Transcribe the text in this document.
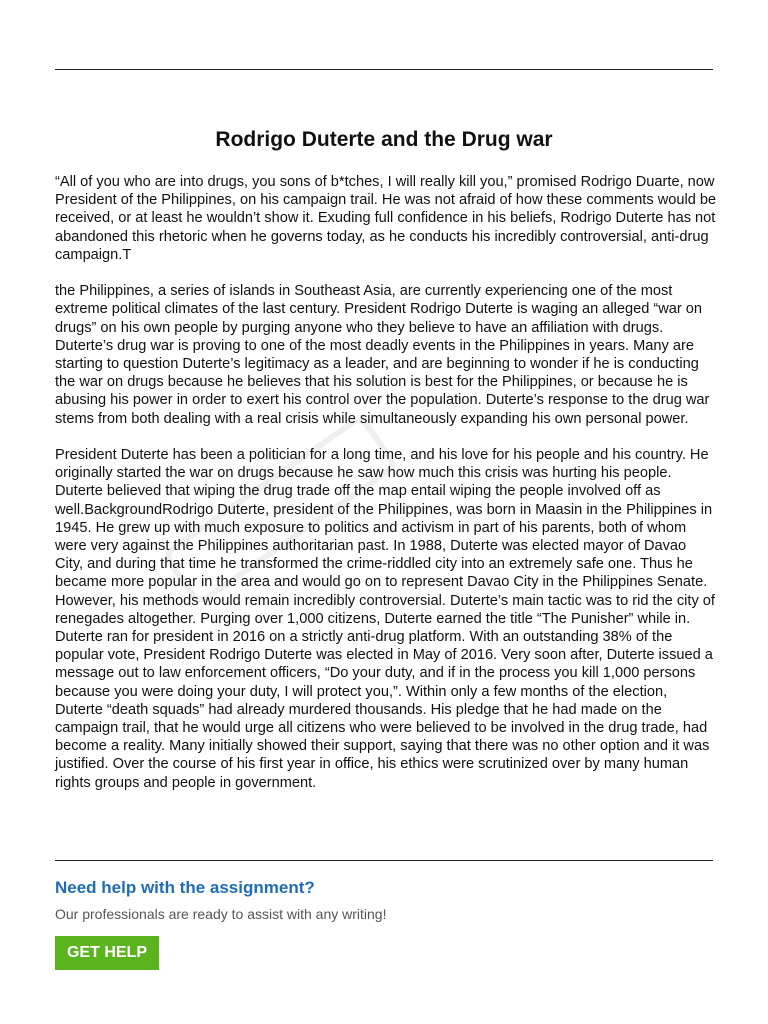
Rodrigo Duterte and the Drug war

“All of you who are into drugs, you sons of b*tches, I will really kill you,” promised Rodrigo Duarte, now President of the Philippines, on his campaign trail. He was not afraid of how these comments would be received, or at least he wouldn’t show it. Exuding full confidence in his beliefs, Rodrigo Duterte has not abandoned this rhetoric when he governs today, as he conducts his incredibly controversial, anti-drug campaign.T

the Philippines, a series of islands in Southeast Asia, are currently experiencing one of the most extreme political climates of the last century. President Rodrigo Duterte is waging an alleged “war on drugs” on his own people by purging anyone who they believe to have an affiliation with drugs. Duterte’s drug war is proving to one of the most deadly events in the Philippines in years. Many are starting to question Duterte’s legitimacy as a leader, and are beginning to wonder if he is conducting the war on drugs because he believes that his solution is best for the Philippines, or because he is abusing his power in order to exert his control over the population. Duterte’s response to the drug war stems from both dealing with a real crisis while simultaneously expanding his own personal power.

President Duterte has been a politician for a long time, and his love for his people and his country. He originally started the war on drugs because he saw how much this crisis was hurting his people. Duterte believed that wiping the drug trade off the map entail wiping the people involved off as well.BackgroundRodrigo Duterte, president of the Philippines, was born in Maasin in the Philippines in 1945. He grew up with much exposure to politics and activism in part of his parents, both of whom were very against the Philippines authoritarian past. In 1988, Duterte was elected mayor of Davao City, and during that time he transformed the crime-riddled city into an extremely safe one. Thus he became more popular in the area and would go on to represent Davao City in the Philippines Senate. However, his methods would remain incredibly controversial. Duterte’s main tactic was to rid the city of renegades altogether. Purging over 1,000 citizens, Duterte earned the title “The Punisher” while in. Duterte ran for president in 2016 on a strictly anti-drug platform. With an outstanding 38% of the popular vote, President Rodrigo Duterte was elected in May of 2016. Very soon after, Duterte issued a message out to law enforcement officers, “Do your duty, and if in the process you kill 1,000 persons because you were doing your duty, I will protect you,”. Within only a few months of the election, Duterte “death squads” had already murdered thousands. His pledge that he had made on the campaign trail, that he would urge all citizens who were believed to be involved in the drug trade, had become a reality. Many initially showed their support, saying that there was no other option and it was justified. Over the course of his first year in office, his ethics were scrutinized over by many human rights groups and people in government.

Need help with the assignment?

Our professionals are ready to assist with any writing!

GET HELP
